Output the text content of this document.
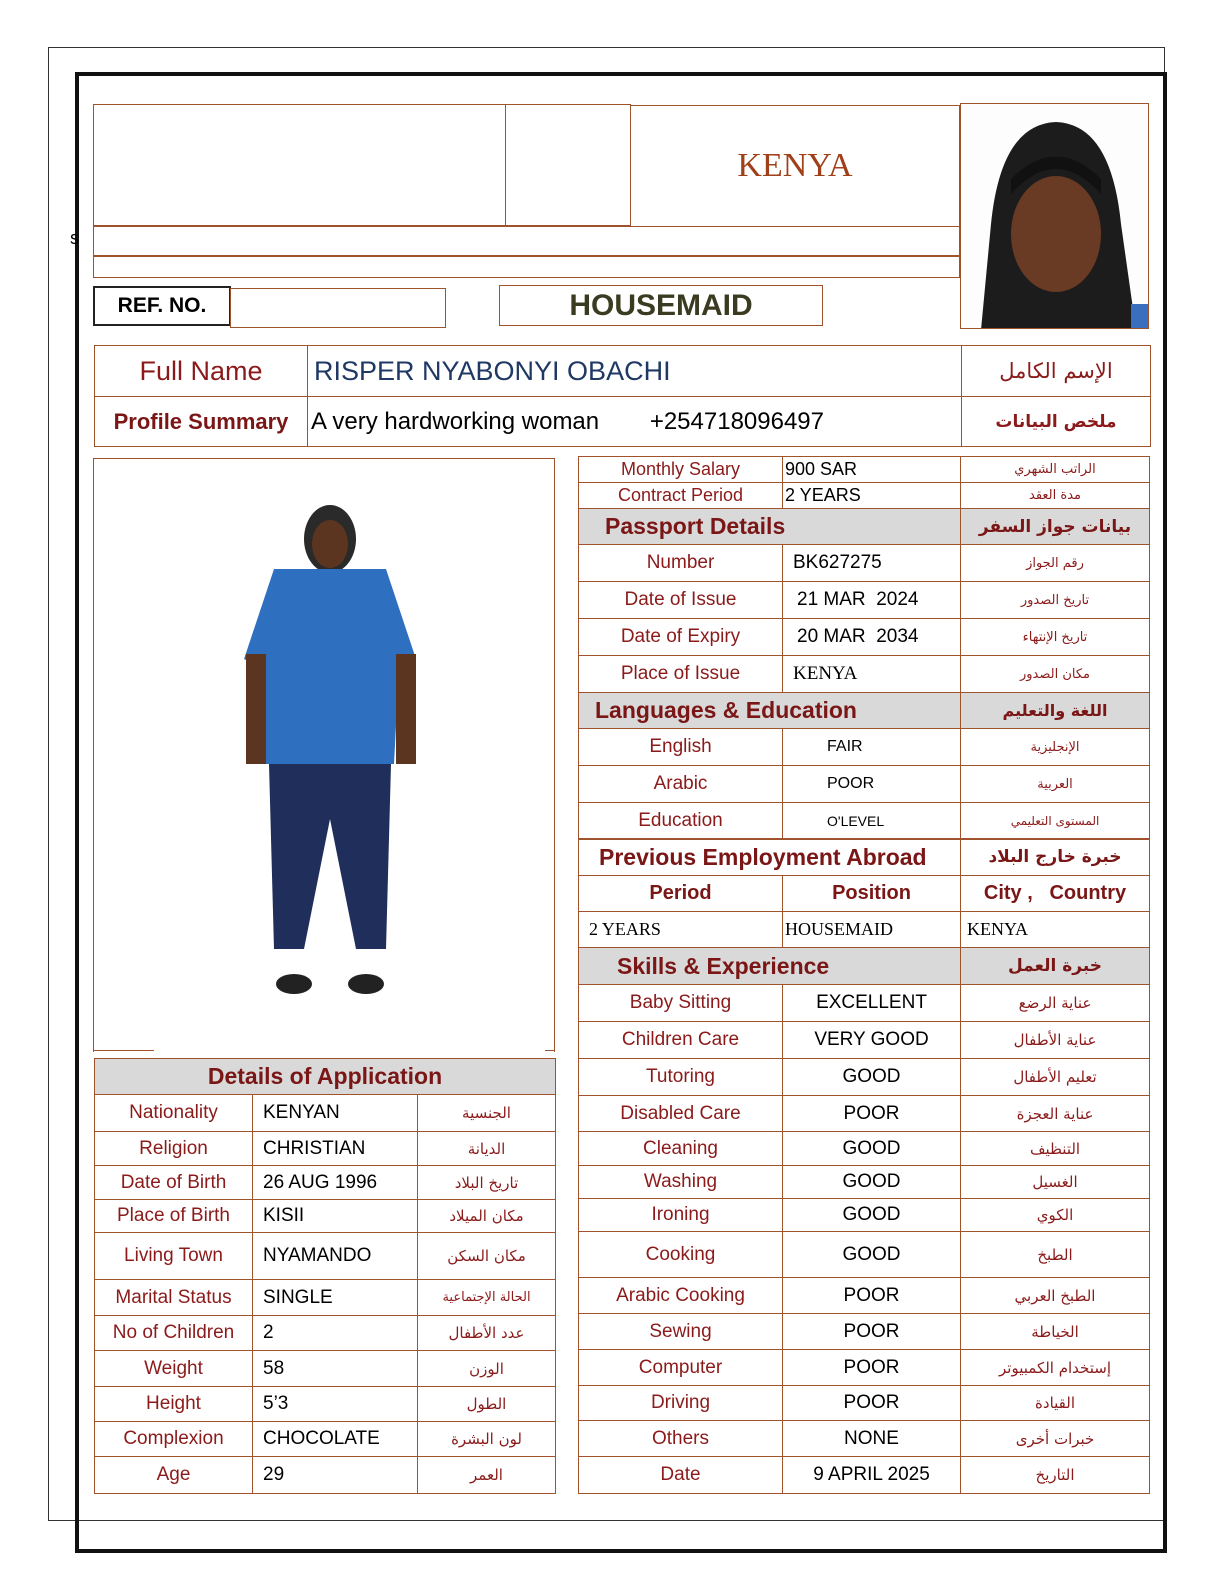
s
KENYA
REF. NO.	HOUSEMAID
Full Name	RISPER NYABONYI OBACHI	الإسم الكامل
Profile Summary	A very hardworking woman +254718096497	ملخص البيانات
Monthly Salary	900 SAR	الراتب الشهري
Contract Period	2 YEARS	مدة العقد
Passport Details		بيانات جواز السفر
Number	BK627275	رقم الجواز
Date of Issue	21 MAR  2024	تاريخ الصدور
Date of Expiry	20 MAR  2034	تاريخ الإنتهاء
Place of Issue	KENYA	مكان الصدور
Languages & Education		اللغة والتعليم
English	FAIR	الإنجليزية
Arabic	POOR	العربية
Education	O'LEVEL	المستوى التعليمي
Previous Employment Abroad		خبرة خارج البلاد
Period	Position	City ,   Country
2 YEARS	HOUSEMAID	KENYA
Skills & Experience		خبرة العمل
Baby Sitting	EXCELLENT	عناية الرضع
Children Care	VERY GOOD	عناية الأطفال
Tutoring	GOOD	تعليم الأطفال
Disabled Care	POOR	عناية العجزة
Cleaning	GOOD	التنظيف
Washing	GOOD	الغسيل
Ironing	GOOD	الكوي
Cooking	GOOD	الطبخ
Arabic Cooking	POOR	الطبخ العربي
Sewing	POOR	الخياطة
Computer	POOR	إستخدام الكمبيوتر
Driving	POOR	القيادة
Others	NONE	خبرات أخرى
Date	9 APRIL 2025	التاريخ
Details of Application		
Nationality	KENYAN	الجنسية
Religion	CHRISTIAN	الديانة
Date of Birth	26 AUG 1996	تاريخ البلاد
Place of Birth	KISII	مكان الميلاد
Living Town	NYAMANDO	مكان السكن
Marital Status	SINGLE	الحالة الإجتماعية
No of Children	2	عدد الأطفال
Weight	58	الوزن
Height	5’3	الطول
Complexion	CHOCOLATE	لون البشرة
Age	29	العمر
